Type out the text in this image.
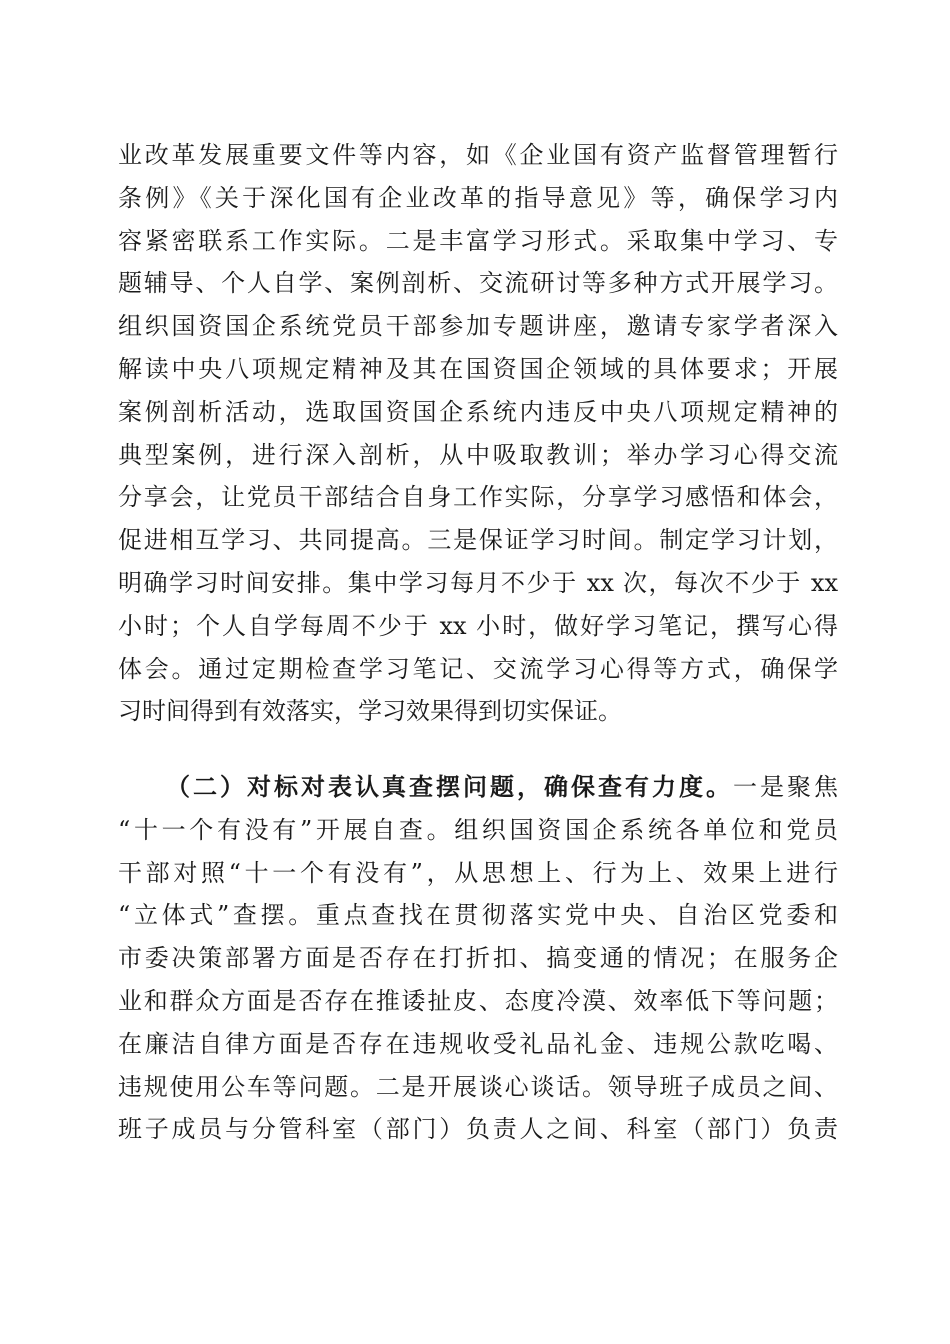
业改革发展重要文件等内容，如《企业国有资产监督管理暂行
条例》《关于深化国有企业改革的指导意见》等，确保学习内
容紧密联系工作实际。二是丰富学习形式。采取集中学习、专
题辅导、个人自学、案例剖析、交流研讨等多种方式开展学习。
组织国资国企系统党员干部参加专题讲座，邀请专家学者深入
解读中央八项规定精神及其在国资国企领域的具体要求；开展
案例剖析活动，选取国资国企系统内违反中央八项规定精神的
典型案例，进行深入剖析，从中吸取教训；举办学习心得交流
分享会，让党员干部结合自身工作实际，分享学习感悟和体会，
促进相互学习、共同提高。三是保证学习时间。制定学习计划，
明确学习时间安排。集中学习每月不少于 xx 次，每次不少于 xx
小时；个人自学每周不少于 xx 小时，做好学习笔记，撰写心得
体会。通过定期检查学习笔记、交流学习心得等方式，确保学
习时间得到有效落实，学习效果得到切实保证。
（二）对标对表认真查摆问题，确保查有力度。一是聚焦
“十一个有没有”开展自查。组织国资国企系统各单位和党员
干部对照“十一个有没有”，从思想上、行为上、效果上进行
“立体式”查摆。重点查找在贯彻落实党中央、自治区党委和
市委决策部署方面是否存在打折扣、搞变通的情况；在服务企
业和群众方面是否存在推诿扯皮、态度冷漠、效率低下等问题；
在廉洁自律方面是否存在违规收受礼品礼金、违规公款吃喝、
违规使用公车等问题。二是开展谈心谈话。领导班子成员之间、
班子成员与分管科室（部门）负责人之间、科室（部门）负责
